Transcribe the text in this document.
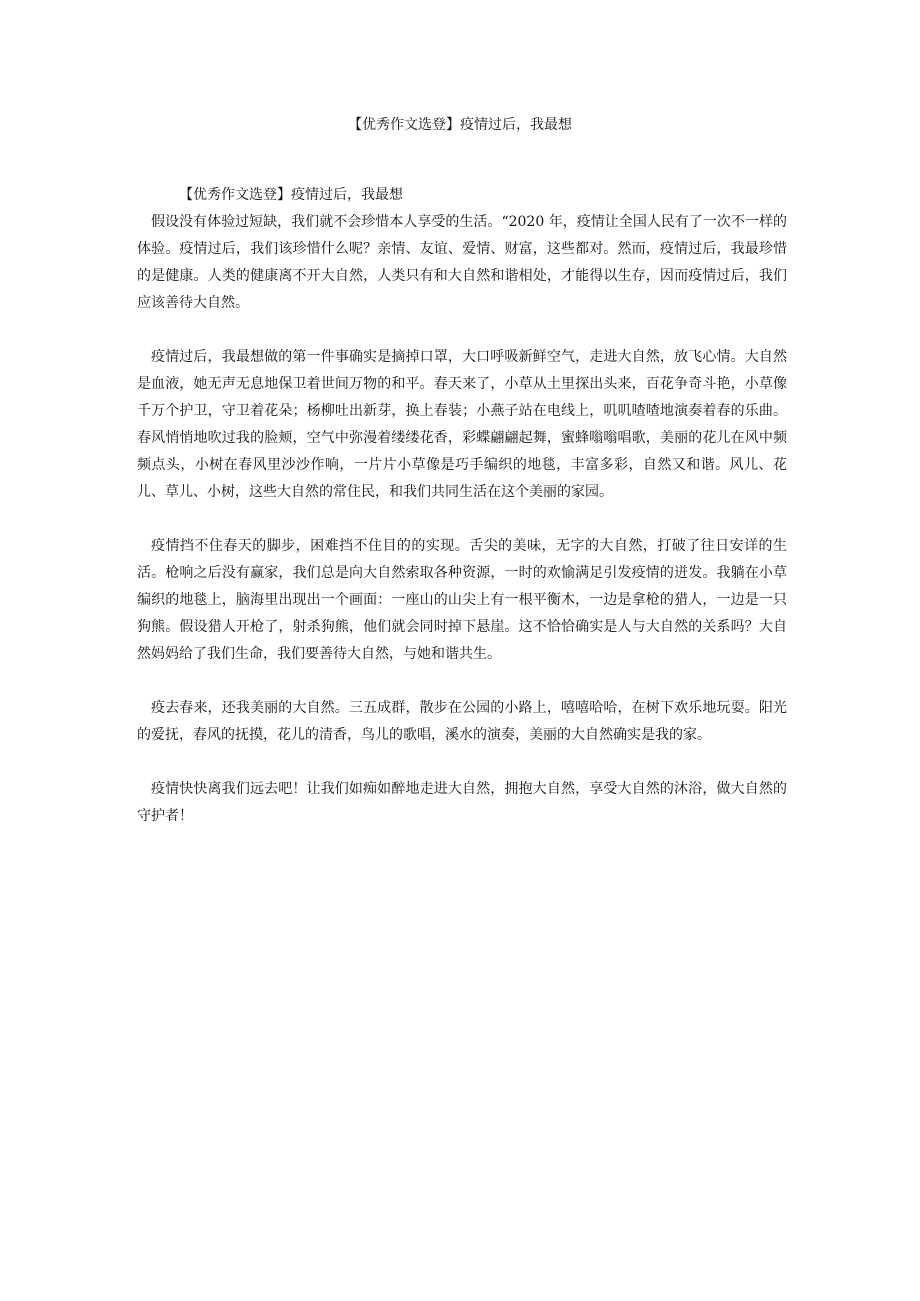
【优秀作文选登】疫情过后，我最想
【优秀作文选登】疫情过后，我最想

假设没有体验过短缺，我们就不会珍惜本人享受的生活。“2020 年，疫情让全国人民有了一次不一样的体验。疫情过后，我们该珍惜什么呢？亲情、友谊、爱情、财富，这些都对。然而，疫情过后，我最珍惜的是健康。人类的健康离不开大自然，人类只有和大自然和谐相处，才能得以生存，因而疫情过后，我们应该善待大自然。

疫情过后，我最想做的第一件事确实是摘掉口罩，大口呼吸新鲜空气，走进大自然，放飞心情。大自然是血液，她无声无息地保卫着世间万物的和平。春天来了，小草从土里探出头来，百花争奇斗艳，小草像千万个护卫，守卫着花朵；杨柳吐出新芽，换上春装；小燕子站在电线上，叽叽喳喳地演奏着春的乐曲。春风悄悄地吹过我的脸颊，空气中弥漫着缕缕花香，彩蝶翩翩起舞，蜜蜂嗡嗡唱歌，美丽的花儿在风中频频点头，小树在春风里沙沙作响，一片片小草像是巧手编织的地毯，丰富多彩，自然又和谐。风儿、花儿、草儿、小树，这些大自然的常住民，和我们共同生活在这个美丽的家园。

疫情挡不住春天的脚步，困难挡不住目的的实现。舌尖的美味，无字的大自然，打破了往日安详的生活。枪响之后没有赢家，我们总是向大自然索取各种资源，一时的欢愉满足引发疫情的迸发。我躺在小草编织的地毯上，脑海里出现出一个画面：一座山的山尖上有一根平衡木，一边是拿枪的猎人，一边是一只狗熊。假设猎人开枪了，射杀狗熊，他们就会同时掉下悬崖。这不恰恰确实是人与大自然的关系吗？大自然妈妈给了我们生命，我们要善待大自然，与她和谐共生。

疫去春来，还我美丽的大自然。三五成群，散步在公园的小路上，嘻嘻哈哈，在树下欢乐地玩耍。阳光的爱抚，春风的抚摸，花儿的清香，鸟儿的歌唱，溪水的演奏，美丽的大自然确实是我的家。

疫情快快离我们远去吧！让我们如痴如醉地走进大自然，拥抱大自然，享受大自然的沐浴，做大自然的守护者！
